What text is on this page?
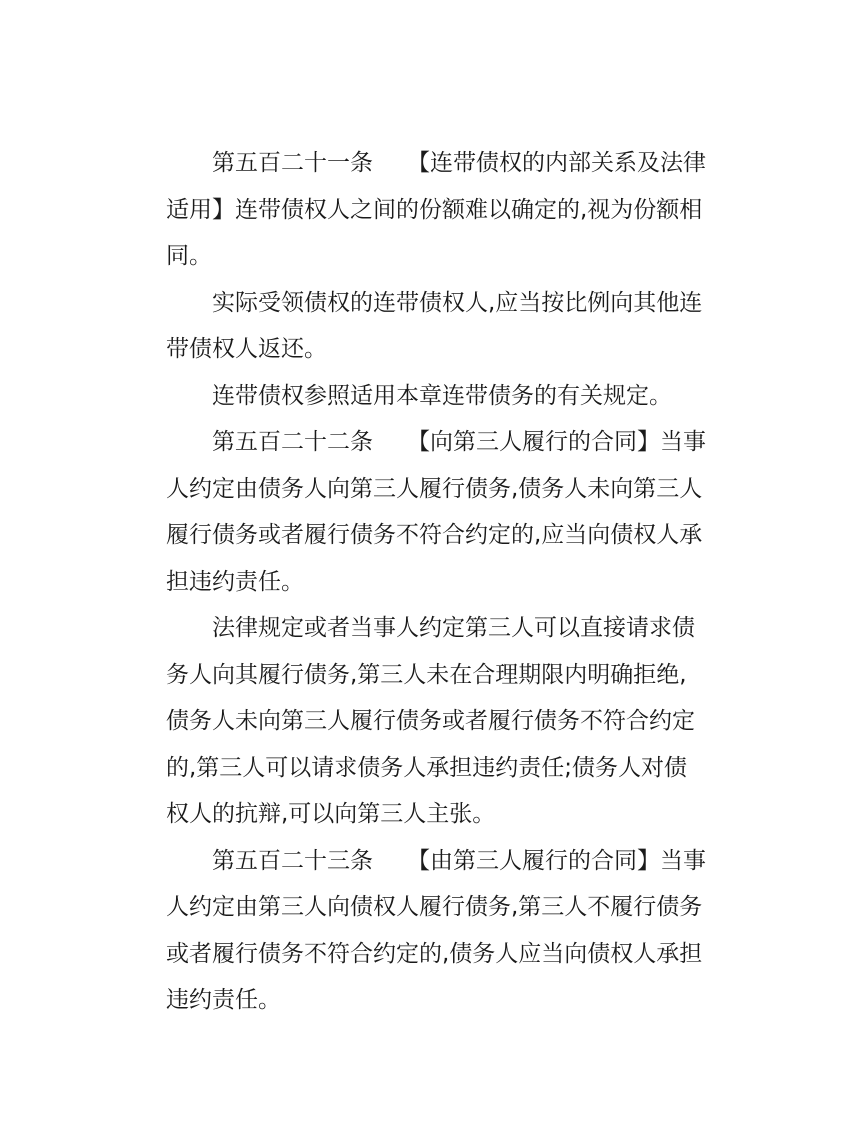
第五百二十一条 【连带债权的内部关系及法律适用】连带债权人之间的份额难以确定的,视为份额相同。

实际受领债权的连带债权人,应当按比例向其他连带债权人返还。

连带债权参照适用本章连带债务的有关规定。

第五百二十二条 【向第三人履行的合同】当事人约定由债务人向第三人履行债务,债务人未向第三人履行债务或者履行债务不符合约定的,应当向债权人承担违约责任。

法律规定或者当事人约定第三人可以直接请求债务人向其履行债务,第三人未在合理期限内明确拒绝,债务人未向第三人履行债务或者履行债务不符合约定的,第三人可以请求债务人承担违约责任;债务人对债权人的抗辩,可以向第三人主张。

第五百二十三条 【由第三人履行的合同】当事人约定由第三人向债权人履行债务,第三人不履行债务或者履行债务不符合约定的,债务人应当向债权人承担违约责任。
